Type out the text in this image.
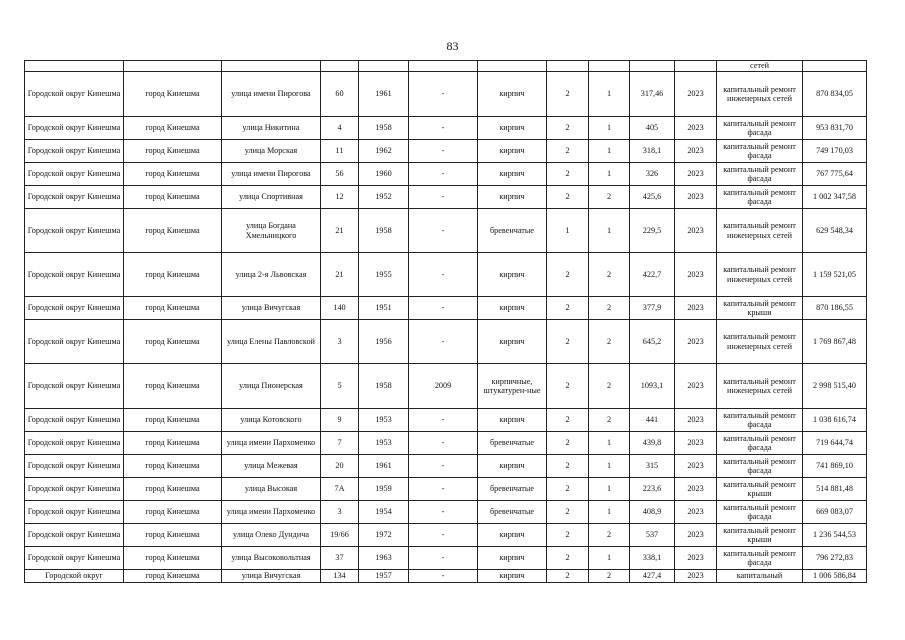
83
											сетей	
Городской округ Кинешма	город Кинешма	улица имени Пирогова	60	1961	-	кирпич	2	1	317,46	2023	капитальный ремонт инженерных сетей	870 834,05
Городской округ Кинешма	город Кинешма	улица Никитина	4	1958	-	кирпич	2	1	405	2023	капитальный ремонт фасада	953 831,70
Городской округ Кинешма	город Кинешма	улица Морская	11	1962	-	кирпич	2	1	318,1	2023	капитальный ремонт фасада	749 170,03
Городской округ Кинешма	город Кинешма	улица имени Пирогова	56	1960	-	кирпич	2	1	326	2023	капитальный ремонт фасада	767 775,64
Городской округ Кинешма	город Кинешма	улица Спортивная	12	1952	-	кирпич	2	2	425,6	2023	капитальный ремонт фасада	1 002 347,58
Городской округ Кинешма	город Кинешма	улица Богдана Хмельницкого	21	1958	-	бревенчатые	1	1	229,5	2023	капитальный ремонт инженерных сетей	629 548,34
Городской округ Кинешма	город Кинешма	улица 2-я Львовская	21	1955	-	кирпич	2	2	422,7	2023	капитальный ремонт инженерных сетей	1 159 521,05
Городской округ Кинешма	город Кинешма	улица Вичугская	140	1951	-	кирпич	2	2	377,9	2023	капитальный ремонт крыши	870 186,55
Городской округ Кинешма	город Кинешма	улица Елены Павловской	3	1956	-	кирпич	2	2	645,2	2023	капитальный ремонт инженерных сетей	1 769 867,48
Городской округ Кинешма	город Кинешма	улица Пионерская	5	1958	2009	кирпичные, штукатурен-ные	2	2	1093,1	2023	капитальный ремонт инженерных сетей	2 998 515,40
Городской округ Кинешма	город Кинешма	улица Котовского	9	1953	-	кирпич	2	2	441	2023	капитальный ремонт фасада	1 038 616,74
Городской округ Кинешма	город Кинешма	улица имени Пархоменко	7	1953	-	бревенчатые	2	1	439,8	2023	капитальный ремонт фасада	719 644,74
Городской округ Кинешма	город Кинешма	улица Межевая	20	1961	-	кирпич	2	1	315	2023	капитальный ремонт фасада	741 869,10
Городской округ Кинешма	город Кинешма	улица Высокая	7А	1959	-	бревенчатые	2	1	223,6	2023	капитальный ремонт крыши	514 881,48
Городской округ Кинешма	город Кинешма	улица имени Пархоменко	3	1954	-	бревенчатые	2	1	408,9	2023	капитальный ремонт фасада	669 083,07
Городской округ Кинешма	город Кинешма	улица Олеко Дундича	19/66	1972	-	кирпич	2	2	537	2023	капитальный ремонт крыши	1 236 544,53
Городской округ Кинешма	город Кинешма	улица Высоковольтная	37	1963	-	кирпич	2	1	338,1	2023	капитальный ремонт фасада	796 272,83
Городской округ	город Кинешма	улица Вичугская	134	1957	-	кирпич	2	2	427,4	2023	капитальный	1 006 586,84
